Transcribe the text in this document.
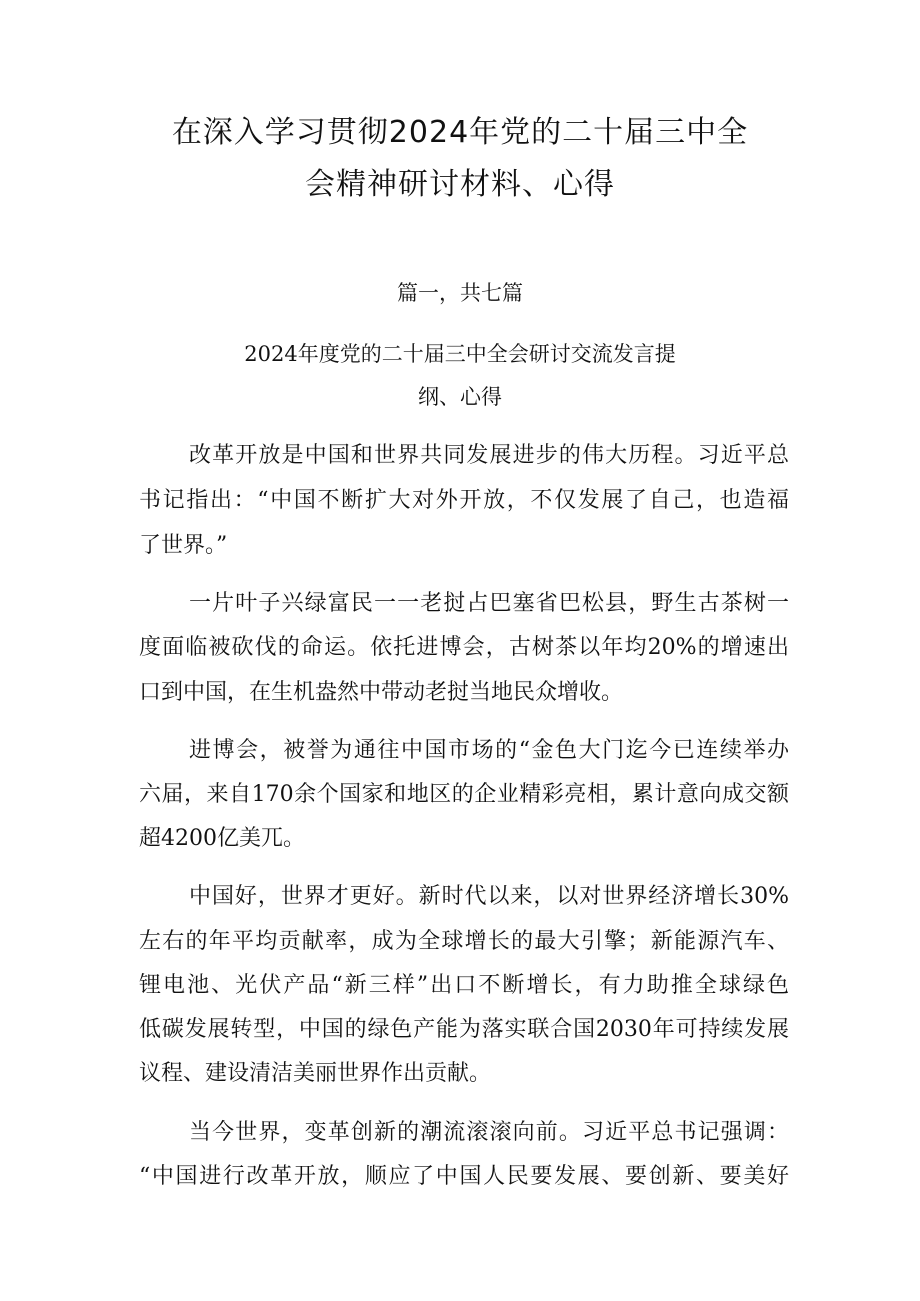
在深入学习贯彻2024年党的二十届三中全
会精神研讨材料、心得
篇一，共七篇
2024年度党的二十届三中全会研讨交流发言提
纲、心得
改革开放是中国和世界共同发展进步的伟大历程。习近平总
书记指出：“中国不断扩大对外开放，不仅发展了自己，也造福
了世界。”
一片叶子兴绿富民一一老挝占巴塞省巴松县，野生古茶树一
度面临被砍伐的命运。依托进博会，古树茶以年均20%的增速出
口到中国，在生机盎然中带动老挝当地民众增收。
进博会，被誉为通往中国市场的“金色大门迄今已连续举办
六届，来自170余个国家和地区的企业精彩亮相，累计意向成交额
超4200亿美兀。
中国好，世界才更好。新时代以来，以对世界经济增长30%
左右的年平均贡献率，成为全球增长的最大引擎；新能源汽车、
锂电池、光伏产品“新三样”出口不断增长，有力助推全球绿色
低碳发展转型，中国的绿色产能为落实联合国2030年可持续发展
议程、建设清洁美丽世界作出贡献。
当今世界，变革创新的潮流滚滚向前。习近平总书记强调：
“中国进行改革开放，顺应了中国人民要发展、要创新、要美好
